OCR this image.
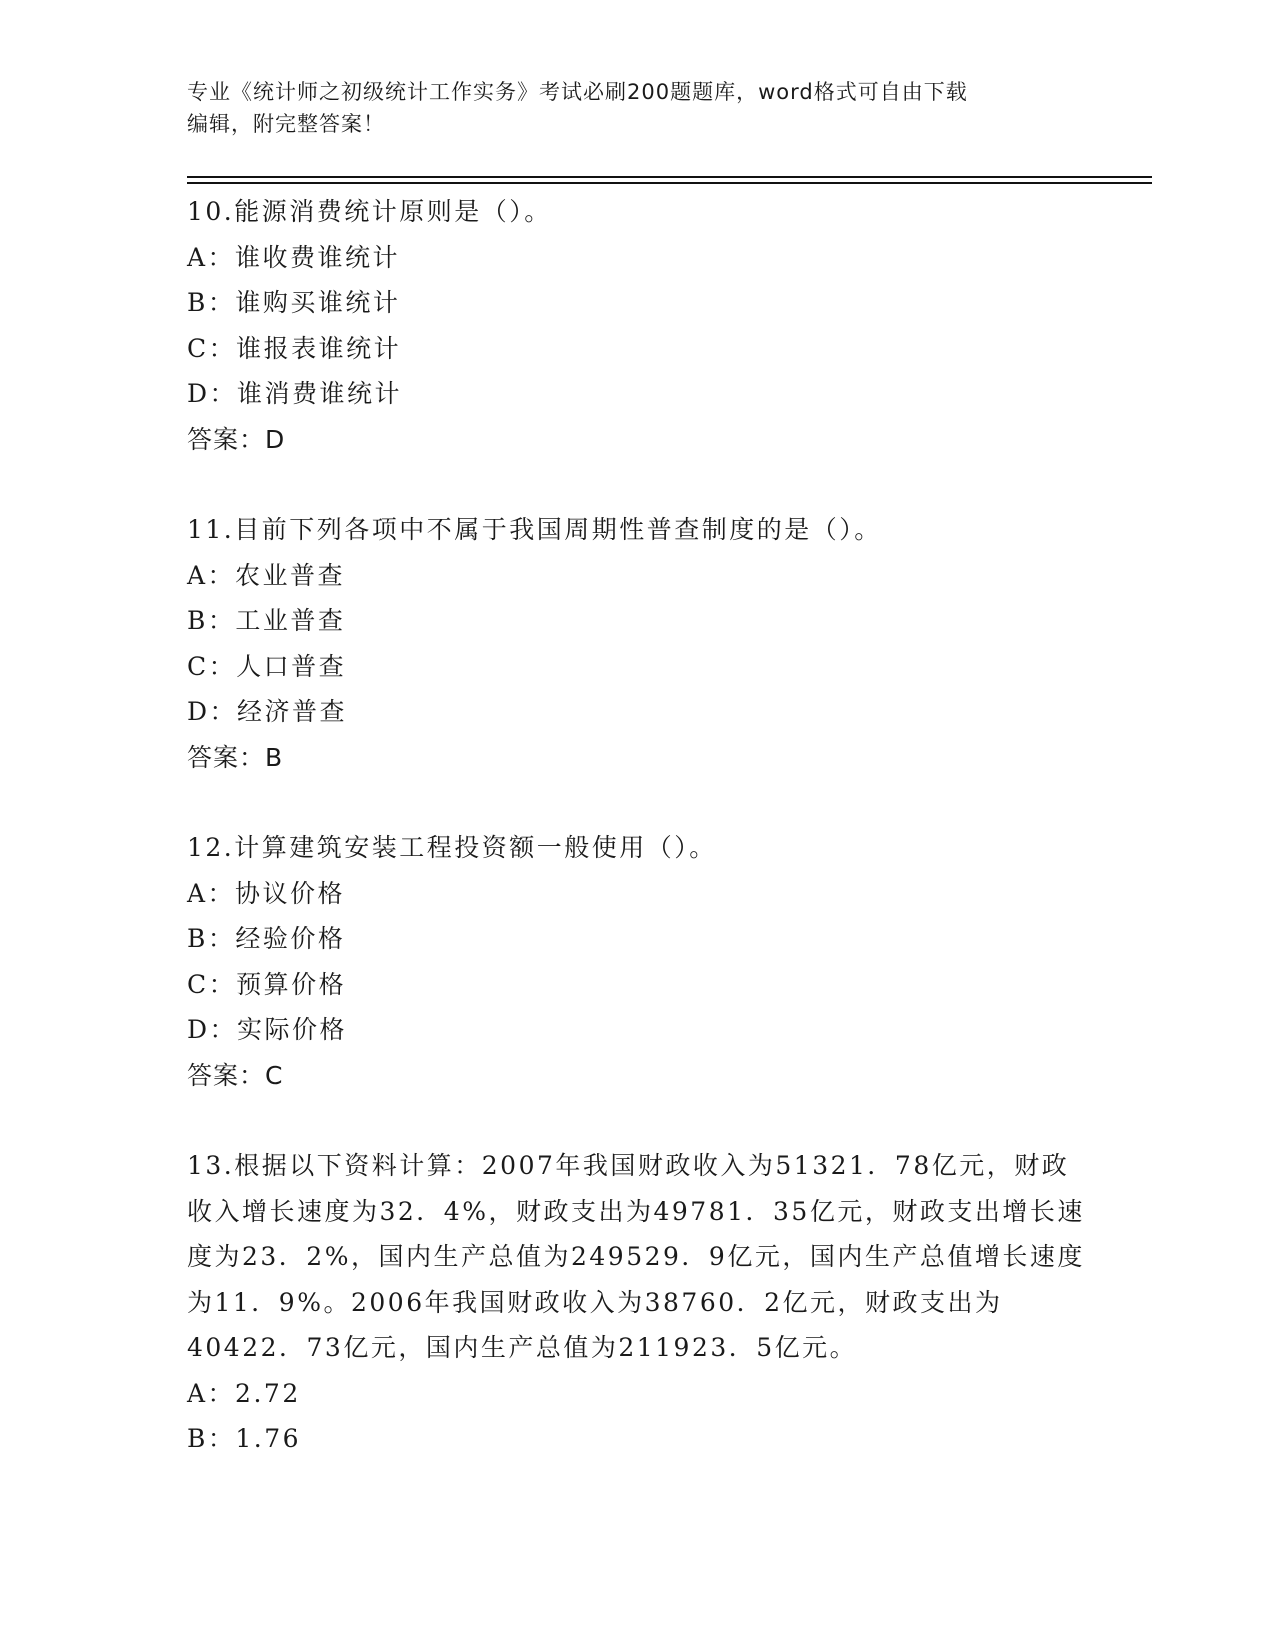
专业《统计师之初级统计工作实务》考试必刷200题题库，word格式可自由下载
编辑，附完整答案！
10.能源消费统计原则是（）。
A：谁收费谁统计
B：谁购买谁统计
C：谁报表谁统计
D：谁消费谁统计
答案：D
11.目前下列各项中不属于我国周期性普查制度的是（）。
A：农业普查
B：工业普查
C：人口普查
D：经济普查
答案：B
12.计算建筑安装工程投资额一般使用（）。
A：协议价格
B：经验价格
C：预算价格
D：实际价格
答案：C
13.根据以下资料计算：2007年我国财政收入为51321．78亿元，财政收入增长速度为32．4%，财政支出为49781．35亿元，财政支出增长速度为23．2%，国内生产总值为249529．9亿元，国内生产总值增长速度为11．9%。2006年我国财政收入为38760．2亿元，财政支出为40422．73亿元，国内生产总值为211923．5亿元。
A：2.72
B：1.76
